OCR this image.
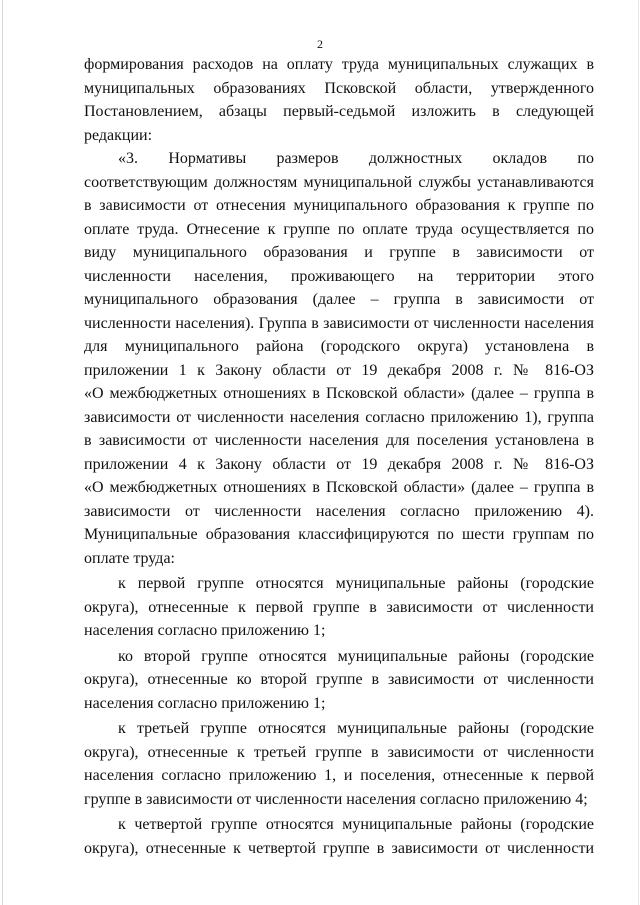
2

формирования расходов на оплату труда муниципальных служащих в
муниципальных образованиях Псковской области, утвержденного
Постановлением, абзацы первый-седьмой изложить в следующей
редакции:

«3. Нормативы размеров должностных окладов по
соответствующим должностям муниципальной службы устанавливаются
в зависимости от отнесения муниципального образования к группе по
оплате труда. Отнесение к группе по оплате труда осуществляется по
виду муниципального образования и группе в зависимости от
численности населения, проживающего на территории этого
муниципального образования (далее – группа в зависимости от
численности населения). Группа в зависимости от численности населения
для муниципального района (городского округа) установлена в
приложении 1 к Закону области от 19 декабря 2008 г. № 816-ОЗ
«О межбюджетных отношениях в Псковской области» (далее – группа в
зависимости от численности населения согласно приложению 1), группа
в зависимости от численности населения для поселения установлена в
приложении 4 к Закону области от 19 декабря 2008 г. № 816-ОЗ
«О межбюджетных отношениях в Псковской области» (далее – группа в
зависимости от численности населения согласно приложению 4).
Муниципальные образования классифицируются по шести группам по
оплате труда:

к первой группе относятся муниципальные районы (городские
округа), отнесенные к первой группе в зависимости от численности
населения согласно приложению 1;

ко второй группе относятся муниципальные районы (городские
округа), отнесенные ко второй группе в зависимости от численности
населения согласно приложению 1;

к третьей группе относятся муниципальные районы (городские
округа), отнесенные к третьей группе в зависимости от численности
населения согласно приложению 1, и поселения, отнесенные к первой
группе в зависимости от численности населения согласно приложению 4;

к четвертой группе относятся муниципальные районы (городские
округа), отнесенные к четвертой группе в зависимости от численности
